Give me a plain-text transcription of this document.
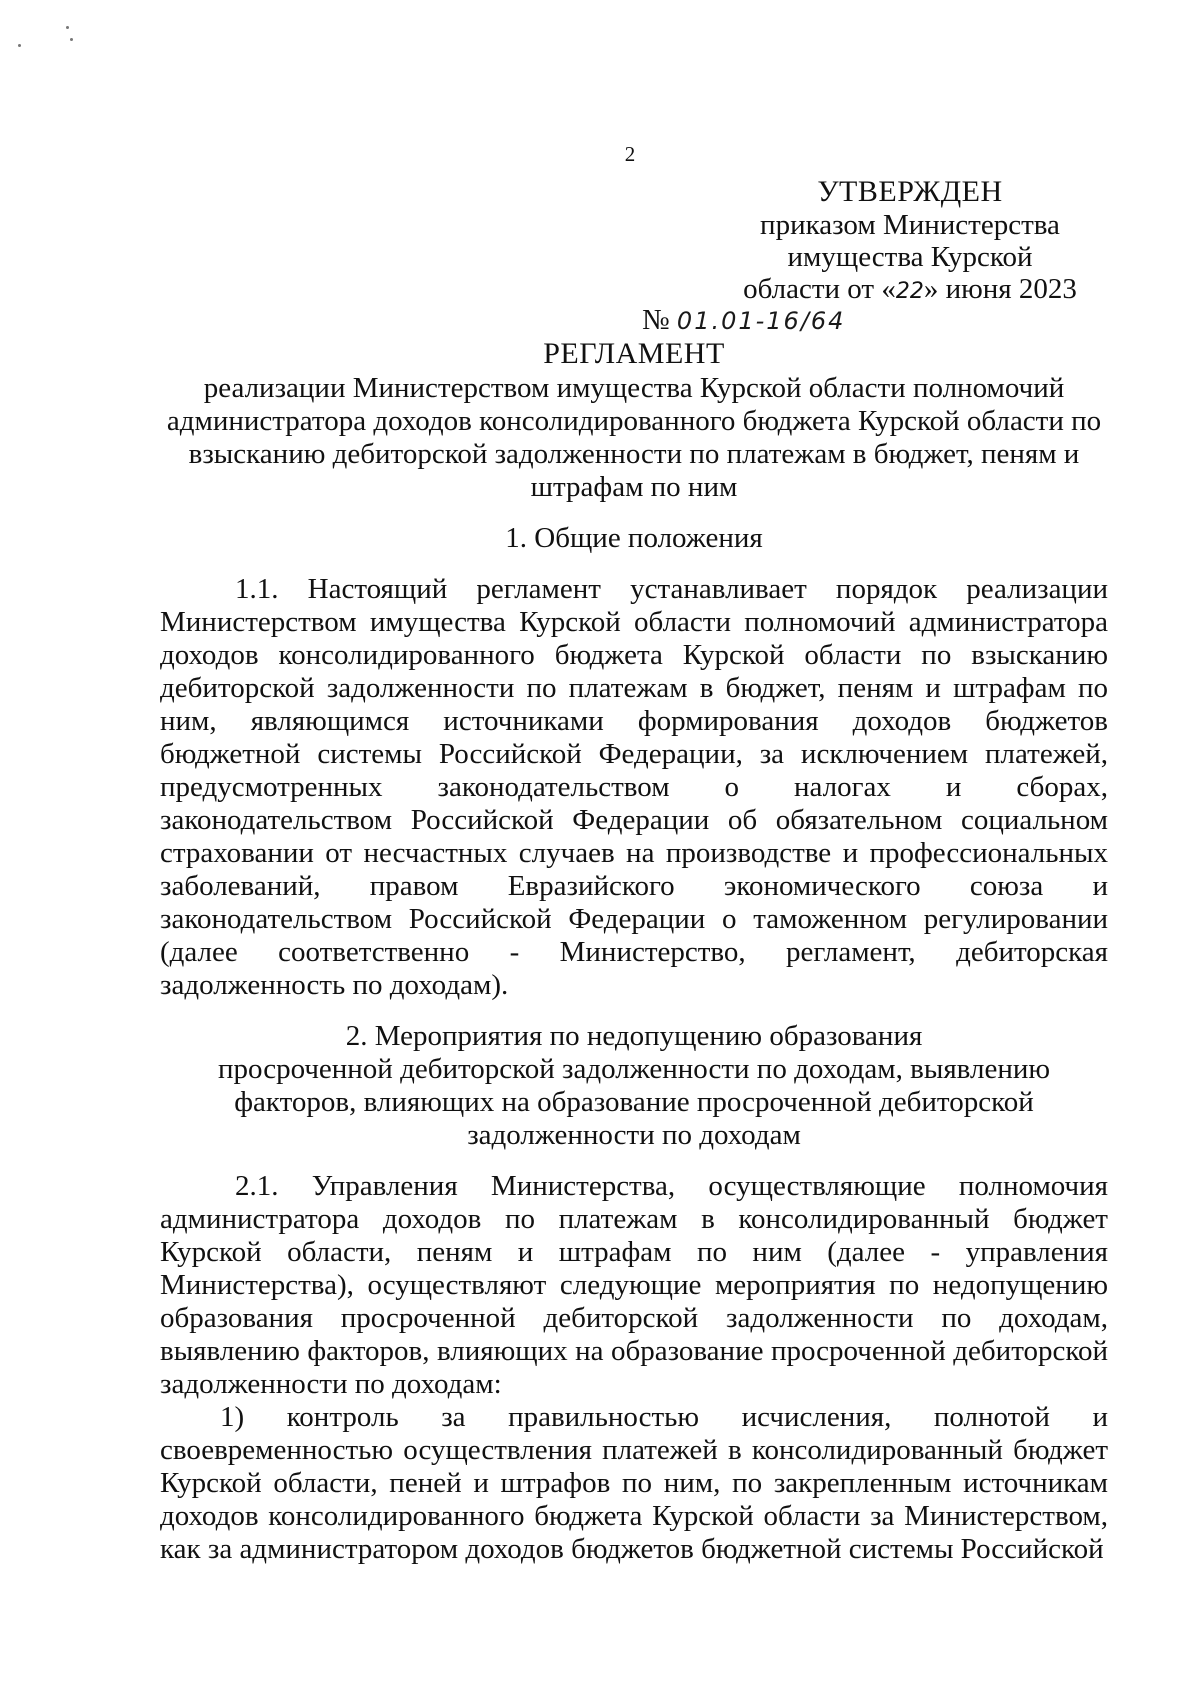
2
УТВЕРЖДЕН
приказом Министерства
имущества Курской
области от «22» июня 2023
№ 01.01-16/64
РЕГЛАМЕНТ

реализации Министерством имущества Курской области полномочий администратора доходов консолидированного бюджета Курской области по взысканию дебиторской задолженности по платежам в бюджет, пеням и штрафам по ним

1. Общие положения

1.1. Настоящий регламент устанавливает порядок реализации Министерством имущества Курской области полномочий администратора доходов консолидированного бюджета Курской области по взысканию дебиторской задолженности по платежам в бюджет, пеням и штрафам по ним, являющимся источниками формирования доходов бюджетов бюджетной системы Российской Федерации, за исключением платежей, предусмотренных законодательством о налогах и сборах, законодательством Российской Федерации об обязательном социальном страховании от несчастных случаев на производстве и профессиональных заболеваний, правом Евразийского экономического союза и законодательством Российской Федерации о таможенном регулировании (далее соответственно - Министерство, регламент, дебиторская задолженность по доходам).

2. Мероприятия по недопущению образования
просроченной дебиторской задолженности по доходам, выявлению
факторов, влияющих на образование просроченной дебиторской
задолженности по доходам

2.1. Управления Министерства, осуществляющие полномочия администратора доходов по платежам в консолидированный бюджет Курской области, пеням и штрафам по ним (далее - управления Министерства), осуществляют следующие мероприятия по недопущению образования просроченной дебиторской задолженности по доходам, выявлению факторов, влияющих на образование просроченной дебиторской задолженности по доходам:

1) контроль за правильностью исчисления, полнотой и своевременностью осуществления платежей в консолидированный бюджет Курской области, пеней и штрафов по ним, по закрепленным источникам доходов консолидированного бюджета Курской области за Министерством, как за администратором доходов бюджетов бюджетной системы Российской
